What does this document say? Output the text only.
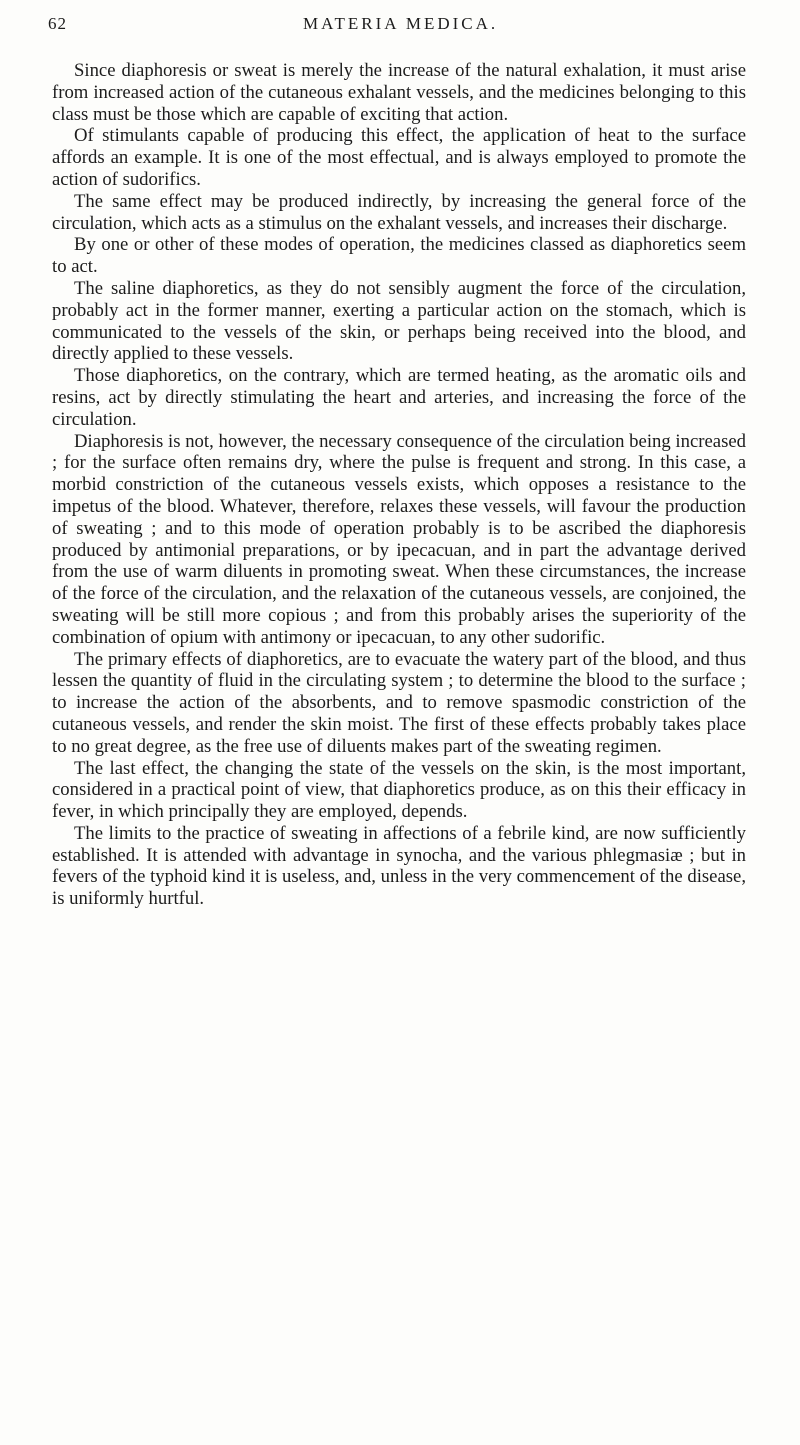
62	MATERIA MEDICA.

Since diaphoresis or sweat is merely the increase of the natural exhalation, it must arise from increased action of the cutaneous exhalant vessels, and the medicines belonging to this class must be those which are capable of exciting that action.

Of stimulants capable of producing this effect, the application of heat to the surface affords an example. It is one of the most effectual, and is always employed to promote the action of sudorifics.

The same effect may be produced indirectly, by increasing the general force of the circulation, which acts as a stimulus on the exhalant vessels, and increases their discharge.

By one or other of these modes of operation, the medicines classed as diaphoretics seem to act.

The saline diaphoretics, as they do not sensibly augment the force of the circulation, probably act in the former manner, exerting a particular action on the stomach, which is communicated to the vessels of the skin, or perhaps being received into the blood, and directly applied to these vessels.

Those diaphoretics, on the contrary, which are termed heating, as the aromatic oils and resins, act by directly stimulating the heart and arteries, and increasing the force of the circulation.

Diaphoresis is not, however, the necessary consequence of the circulation being increased ; for the surface often remains dry, where the pulse is frequent and strong. In this case, a morbid constriction of the cutaneous vessels exists, which opposes a resistance to the impetus of the blood. Whatever, therefore, relaxes these vessels, will favour the production of sweating ; and to this mode of operation probably is to be ascribed the diaphoresis produced by antimonial preparations, or by ipecacuan, and in part the advantage derived from the use of warm diluents in promoting sweat. When these circumstances, the increase of the force of the circulation, and the relaxation of the cutaneous vessels, are conjoined, the sweating will be still more copious ; and from this probably arises the superiority of the combination of opium with antimony or ipecacuan, to any other sudorific.

The primary effects of diaphoretics, are to evacuate the watery part of the blood, and thus lessen the quantity of fluid in the circulating system ; to determine the blood to the surface ; to increase the action of the absorbents, and to remove spasmodic constriction of the cutaneous vessels, and render the skin moist. The first of these effects probably takes place to no great degree, as the free use of diluents makes part of the sweating regimen.

The last effect, the changing the state of the vessels on the skin, is the most important, considered in a practical point of view, that diaphoretics produce, as on this their efficacy in fever, in which principally they are employed, depends.

The limits to the practice of sweating in affections of a febrile kind, are now sufficiently established. It is attended with advantage in synocha, and the various phlegmasiæ ; but in fevers of the typhoid kind it is useless, and, unless in the very commencement of the disease, is uniformly hurtful.
